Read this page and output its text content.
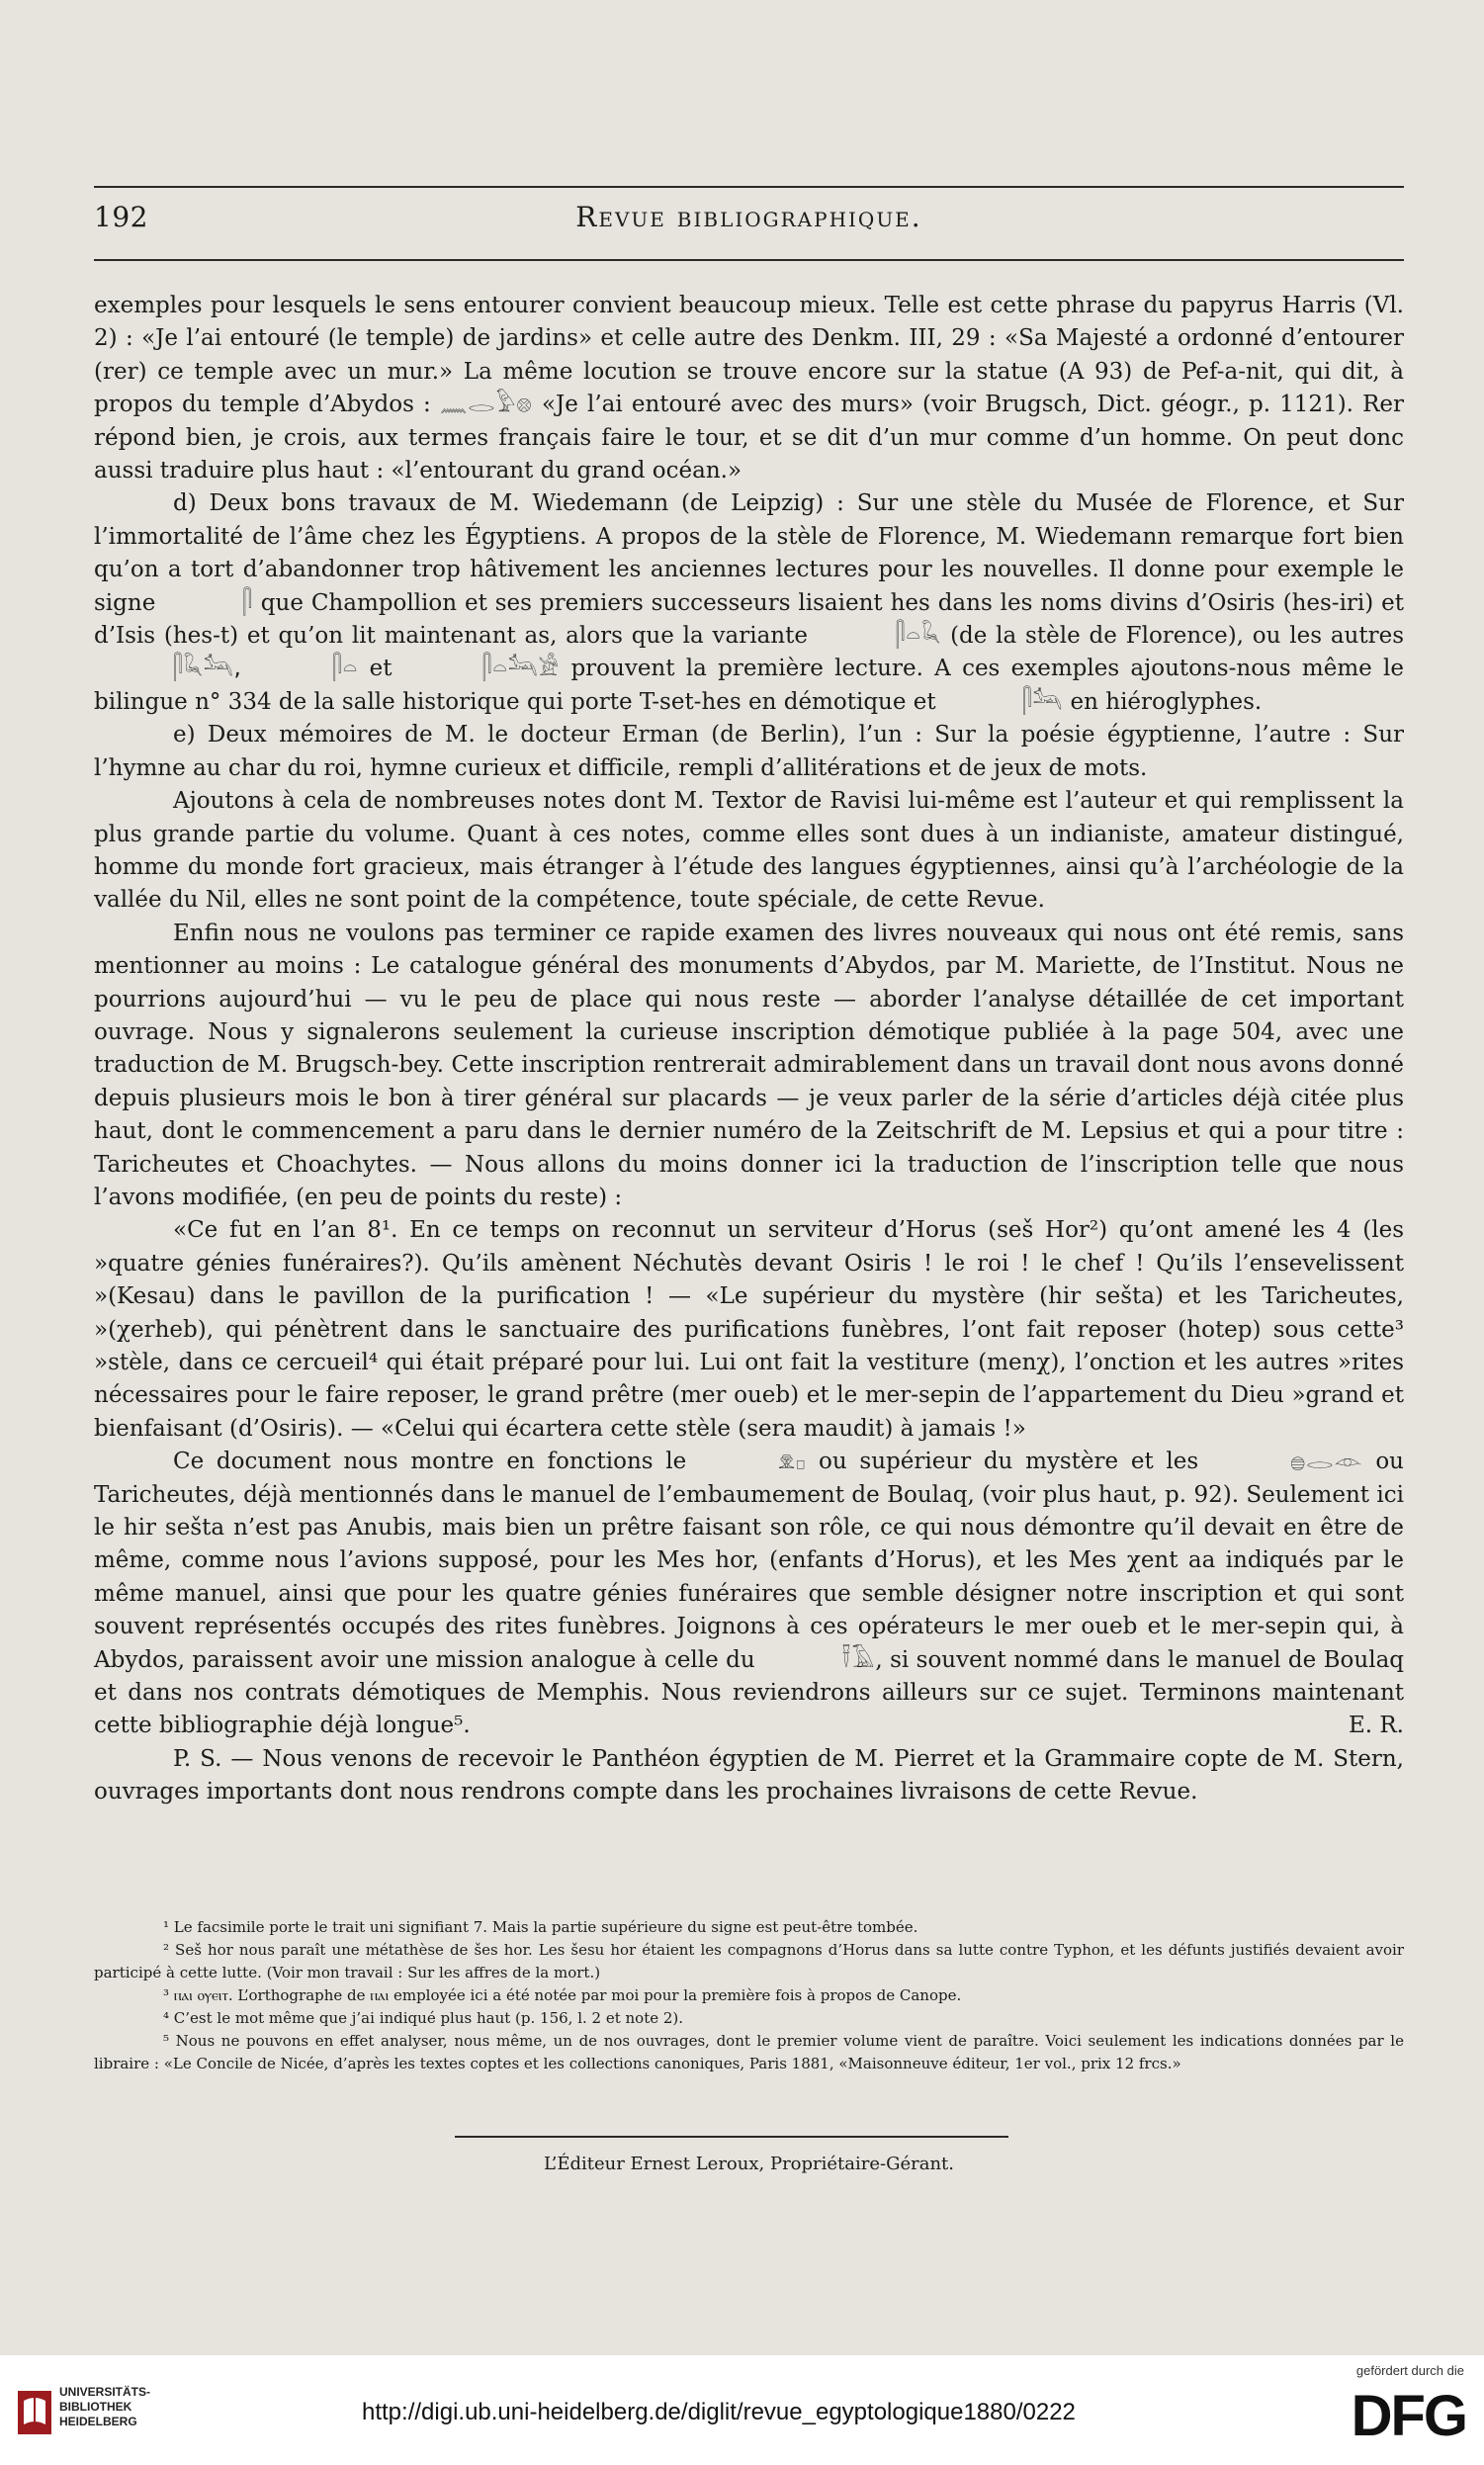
192	Revue bibliographique.

exemples pour lesquels le sens entourer convient beaucoup mieux. Telle est cette phrase du papyrus Harris (Vl. 2) : «Je l’ai entouré (le temple) de jardins» et celle autre des Denkm. III, 29 : «Sa Majesté a ordonné d’entourer (rer) ce temple avec un mur.» La même locution se trouve encore sur la statue (A 93) de Pef-a-nit, qui dit, à propos du temple d’Abydos : 𓈖𓂋𓅱𓊖 «Je l’ai entouré avec des murs» (voir Brugsch, Dict. géogr., p. 1121). Rer répond bien, je crois, aux termes français faire le tour, et se dit d’un mur comme d’un homme. On peut donc aussi traduire plus haut : «l’entourant du grand océan.»

d) Deux bons travaux de M. Wiedemann (de Leipzig) : Sur une stèle du Musée de Florence, et Sur l’immortalité de l’âme chez les Égyptiens. A propos de la stèle de Florence, M. Wiedemann remarque fort bien qu’on a tort d’abandonner trop hâtivement les anciennes lectures pour les nouvelles. Il donne pour exemple le signe	𓋴 que Champollion et ses premiers successeurs lisaient hes dans les noms divins d’Osiris (hes-iri) et d’Isis (hes-t) et qu’on lit maintenant as, alors que la variante	𓋴𓏏𓆗 (de la stèle de Florence), ou les autres 𓋴𓆗𓃢,	𓋴𓏏 et	𓋴𓏏𓃢𓀀 prouvent la première lecture. A ces exemples ajoutons-nous même le bilingue n° 334 de la salle historique qui porte T-set-hes en démotique et	𓋴𓃢 en hiéroglyphes.

e) Deux mémoires de M. le docteur Erman (de Berlin), l’un : Sur la poésie égyptienne, l’autre : Sur l’hymne au char du roi, hymne curieux et difficile, rempli d’allitérations et de jeux de mots.

Ajoutons à cela de nombreuses notes dont M. Textor de Ravisi lui-même est l’auteur et qui remplissent la plus grande partie du volume. Quant à ces notes, comme elles sont dues à un indianiste, amateur distingué, homme du monde fort gracieux, mais étranger à l’étude des langues égyptiennes, ainsi qu’à l’archéologie de la vallée du Nil, elles ne sont point de la compétence, toute spéciale, de cette Revue.

Enfin nous ne voulons pas terminer ce rapide examen des livres nouveaux qui nous ont été remis, sans mentionner au moins : Le catalogue général des monuments d’Abydos, par M. Mariette, de l’Institut. Nous ne pourrions aujourd’hui — vu le peu de place qui nous reste — aborder l’analyse détaillée de cet important ouvrage. Nous y signalerons seulement la curieuse inscription démotique publiée à la page 504, avec une traduction de M. Brugsch-bey. Cette inscription rentrerait admirablement dans un travail dont nous avons donné depuis plusieurs mois le bon à tirer général sur placards — je veux parler de la série d’articles déjà citée plus haut, dont le commencement a paru dans le dernier numéro de la Zeitschrift de M. Lepsius et qui a pour titre : Taricheutes et Choachytes. — Nous allons du moins donner ici la traduction de l’inscription telle que nous l’avons modifiée, (en peu de points du reste) :

«Ce fut en l’an 8¹. En ce temps on reconnut un serviteur d’Horus (seš Hor²) qu’ont amené les 4 (les »quatre génies funéraires?). Qu’ils amènent Néchutès devant Osiris ! le roi ! le chef ! Qu’ils l’ensevelissent »(Kesau) dans le pavillon de la purification ! — «Le supérieur du mystère (hir sešta) et les Taricheutes, »(χerheb), qui pénètrent dans le sanctuaire des purifications funèbres, l’ont fait reposer (hotep) sous cette³ »stèle, dans ce cercueil⁴ qui était préparé pour lui. Lui ont fait la vestiture (menχ), l’onction et les autres »rites nécessaires pour le faire reposer, le grand prêtre (mer oueb) et le mer-sepin de l’appartement du Dieu »grand et bienfaisant (d’Osiris). — «Celui qui écartera cette stèle (sera maudit) à jamais !»

Ce document nous montre en fonctions le	𓁷𓊪 ou supérieur du mystère et les	𓐍𓂋𓁹 ou Taricheutes, déjà mentionnés dans le manuel de l’embaumement de Boulaq, (voir plus haut, p. 92). Seulement ici le hir sešta n’est pas Anubis, mais bien un prêtre faisant son rôle, ce qui nous démontre qu’il devait en être de même, comme nous l’avions supposé, pour les Mes hor, (enfants d’Horus), et les Mes χent aa indiqués par le même manuel, ainsi que pour les quatre génies funéraires que semble désigner notre inscription et qui sont souvent représentés occupés des rites funèbres. Joignons à ces opérateurs le mer oueb et le mer-sepin qui, à Abydos, paraissent avoir une mission analogue à celle du	𓍋𓄿, si souvent nommé dans le manuel de Boulaq et dans nos contrats démotiques de Memphis. Nous reviendrons ailleurs sur ce sujet. Terminons maintenant cette bibliographie déjà longue⁵.	E. R.

P. S. — Nous venons de recevoir le Panthéon égyptien de M. Pierret et la Grammaire copte de M. Stern, ouvrages importants dont nous rendrons compte dans les prochaines livraisons de cette Revue.

¹ Le facsimile porte le trait uni signifiant 7. Mais la partie supérieure du signe est peut-être tombée.

² Seš hor nous paraît une métathèse de šes hor. Les šesu hor étaient les compagnons d’Horus dans sa lutte contre Typhon, et les défunts justifiés devaient avoir participé à cette lutte. (Voir mon travail : Sur les affres de la mort.)

³ ⲡⲁⲓ ⲟⲩⲉⲓⲧ. L’orthographe de ⲡⲁⲓ employée ici a été notée par moi pour la première fois à propos de Canope.

⁴ C’est le mot même que j’ai indiqué plus haut (p. 156, l. 2 et note 2).

⁵ Nous ne pouvons en effet analyser, nous même, un de nos ouvrages, dont le premier volume vient de paraître. Voici seulement les indications données par le libraire : «Le Concile de Nicée, d’après les textes coptes et les collections canoniques, Paris 1881, «Maisonneuve éditeur, 1er vol., prix 12 frcs.»

L’Éditeur Ernest Leroux, Propriétaire-Gérant.
UNIVERSITÄTS-
BIBLIOTHEK
HEIDELBERG	http://digi.ub.uni-heidelberg.de/diglit/revue_egyptologique1880/0222
gefördert durch die
DFG
